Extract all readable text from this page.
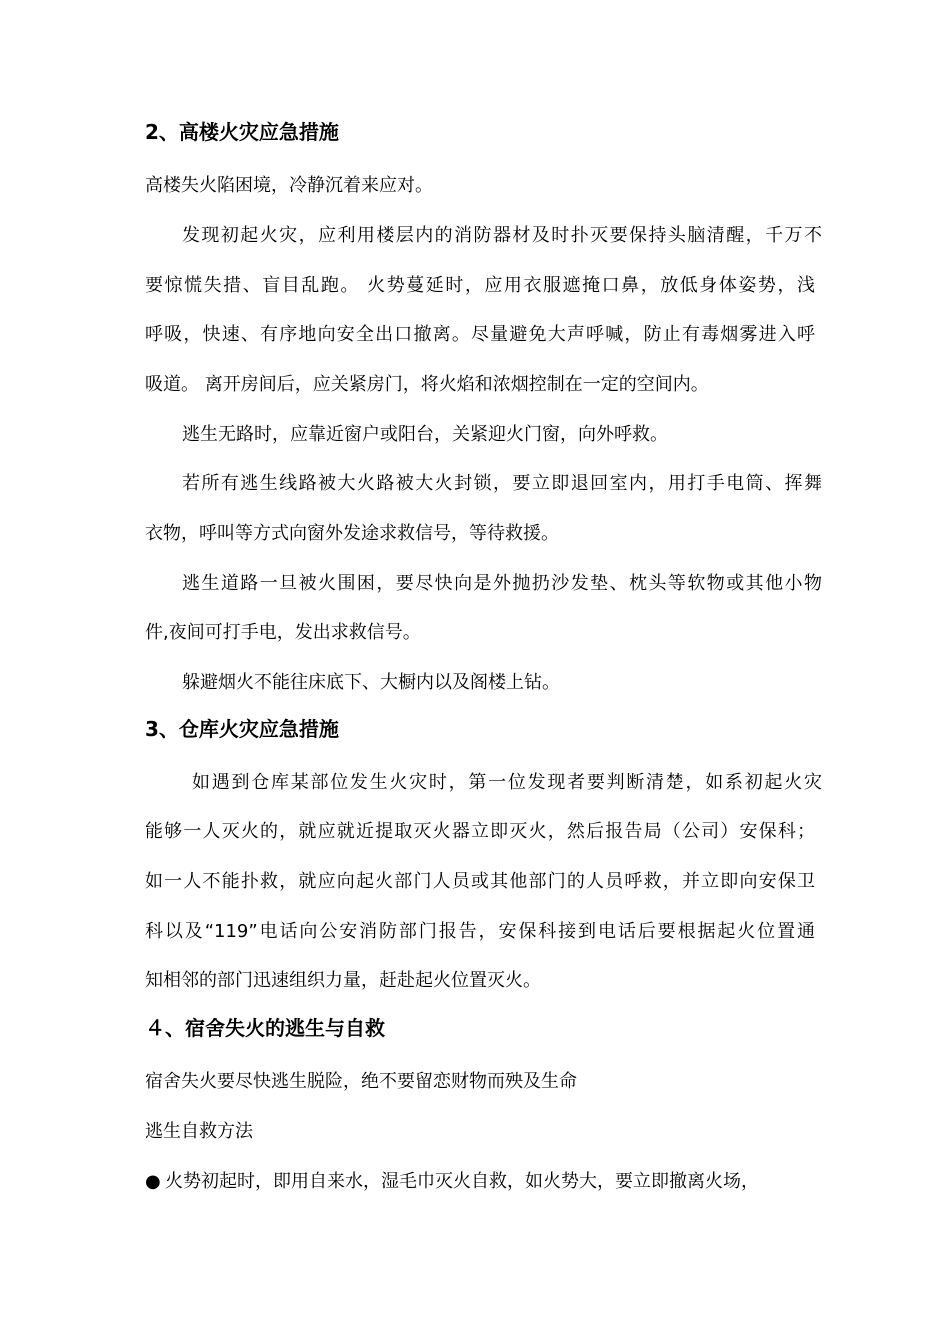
2、高楼火灾应急措施
高楼失火陷困境，冷静沉着来应对。
发现初起火灾，应利用楼层内的消防器材及时扑灭要保持头脑清醒，千万不
要惊慌失措、盲目乱跑。 火势蔓延时，应用衣服遮掩口鼻，放低身体姿势，浅
呼吸，快速、有序地向安全出口撤离。尽量避免大声呼喊，防止有毒烟雾进入呼
吸道。 离开房间后，应关紧房门，将火焰和浓烟控制在一定的空间内。
逃生无路时，应靠近窗户或阳台，关紧迎火门窗，向外呼救。
若所有逃生线路被大火路被大火封锁，要立即退回室内，用打手电筒、挥舞
衣物，呼叫等方式向窗外发途求救信号，等待救援。
逃生道路一旦被火围困，要尽快向是外抛扔沙发垫、枕头等软物或其他小物
件,夜间可打手电，发出求救信号。
躲避烟火不能往床底下、大橱内以及阁楼上钻。
3、仓库火灾应急措施
如遇到仓库某部位发生火灾时，第一位发现者要判断清楚，如系初起火灾
能够一人灭火的，就应就近提取灭火器立即灭火，然后报告局（公司）安保科；
如一人不能扑救，就应向起火部门人员或其他部门的人员呼救，并立即向安保卫
科以及“119”电话向公安消防部门报告，安保科接到电话后要根据起火位置通
知相邻的部门迅速组织力量，赶赴起火位置灭火。
４、宿舍失火的逃生与自救
宿舍失火要尽快逃生脱险，绝不要留恋财物而殃及生命
逃生自救方法
● 火势初起时，即用自来水，湿毛巾灭火自救，如火势大，要立即撤离火场，
